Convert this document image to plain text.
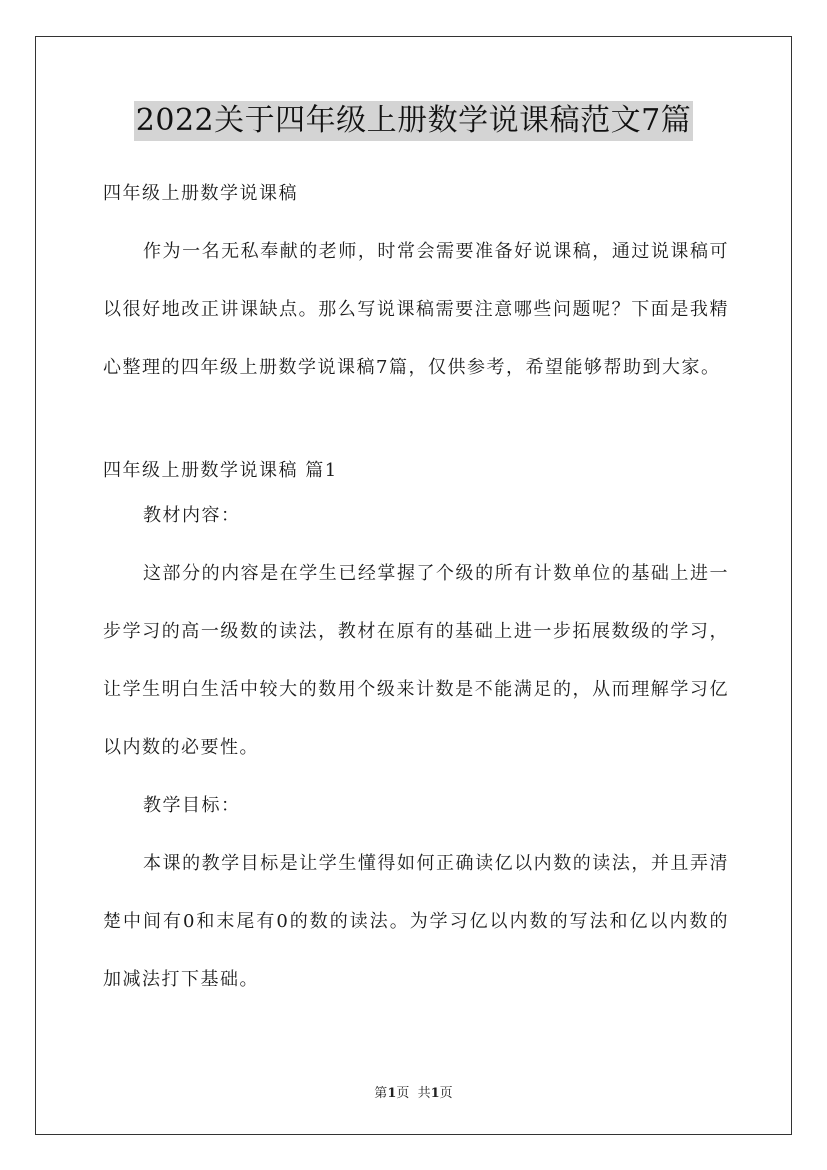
2022关于四年级上册数学说课稿范文7篇

四年级上册数学说课稿

作为一名无私奉献的老师，时常会需要准备好说课稿，通过说课稿可以很好地改正讲课缺点。那么写说课稿需要注意哪些问题呢？下面是我精心整理的四年级上册数学说课稿7篇，仅供参考，希望能够帮助到大家。

四年级上册数学说课稿 篇1

教材内容：

这部分的内容是在学生已经掌握了个级的所有计数单位的基础上进一步学习的高一级数的读法，教材在原有的基础上进一步拓展数级的学习，让学生明白生活中较大的数用个级来计数是不能满足的，从而理解学习亿以内数的必要性。

教学目标：

本课的教学目标是让学生懂得如何正确读亿以内数的读法，并且弄清楚中间有0和末尾有0的数的读法。为学习亿以内数的写法和亿以内数的加减法打下基础。

第1页  共1页
